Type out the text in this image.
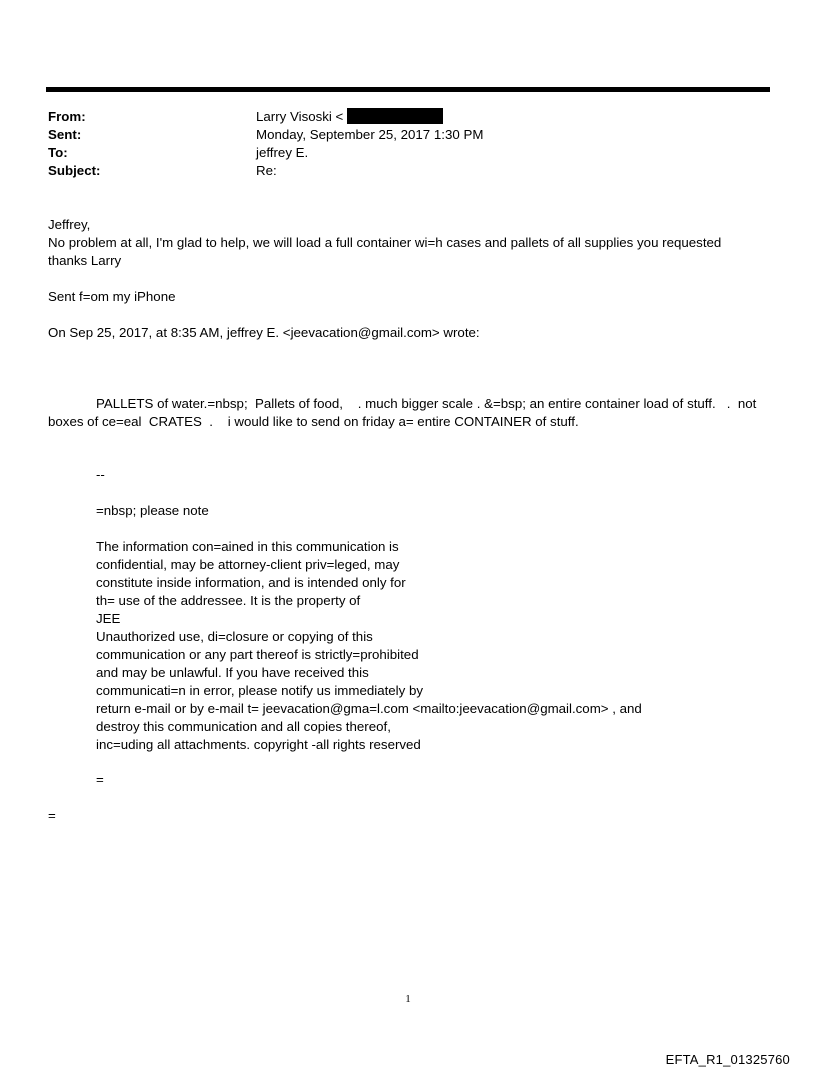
From:	Larry Visoski <
Sent:	Monday, September 25, 2017 1:30 PM
To:	jeffrey E.
Subject:	Re:

Jeffrey,

No problem at all, I'm glad to help, we will load a full container wi=h cases and pallets of all supplies you requested

thanks Larry

Sent f=om my iPhone

On Sep 25, 2017, at 8:35 AM, jeffrey E. <jeevacation@gmail.com> wrote:

PALLETS of water.=nbsp;  Pallets of food,    . much bigger scale . &=bsp; an entire container load of stuff.   .  not

boxes of ce=eal  CRATES  .    i would like to send on friday a= entire CONTAINER of stuff.

--
=nbsp; please note

The information con=ained in this communication is

confidential, may be attorney-client priv=leged, may

constitute inside information, and is intended only for

th= use of the addressee. It is the property of

JEE

Unauthorized use, di=closure or copying of this

communication or any part thereof is strictly=prohibited

and may be unlawful. If you have received this

communicati=n in error, please notify us immediately by

return e-mail or by e-mail t= jeevacation@gma=l.com <mailto:jeevacation@gmail.com> , and

destroy this communication and all copies thereof,

inc=uding all attachments. copyright -all rights reserved

=
=
1
EFTA_R1_01325760
